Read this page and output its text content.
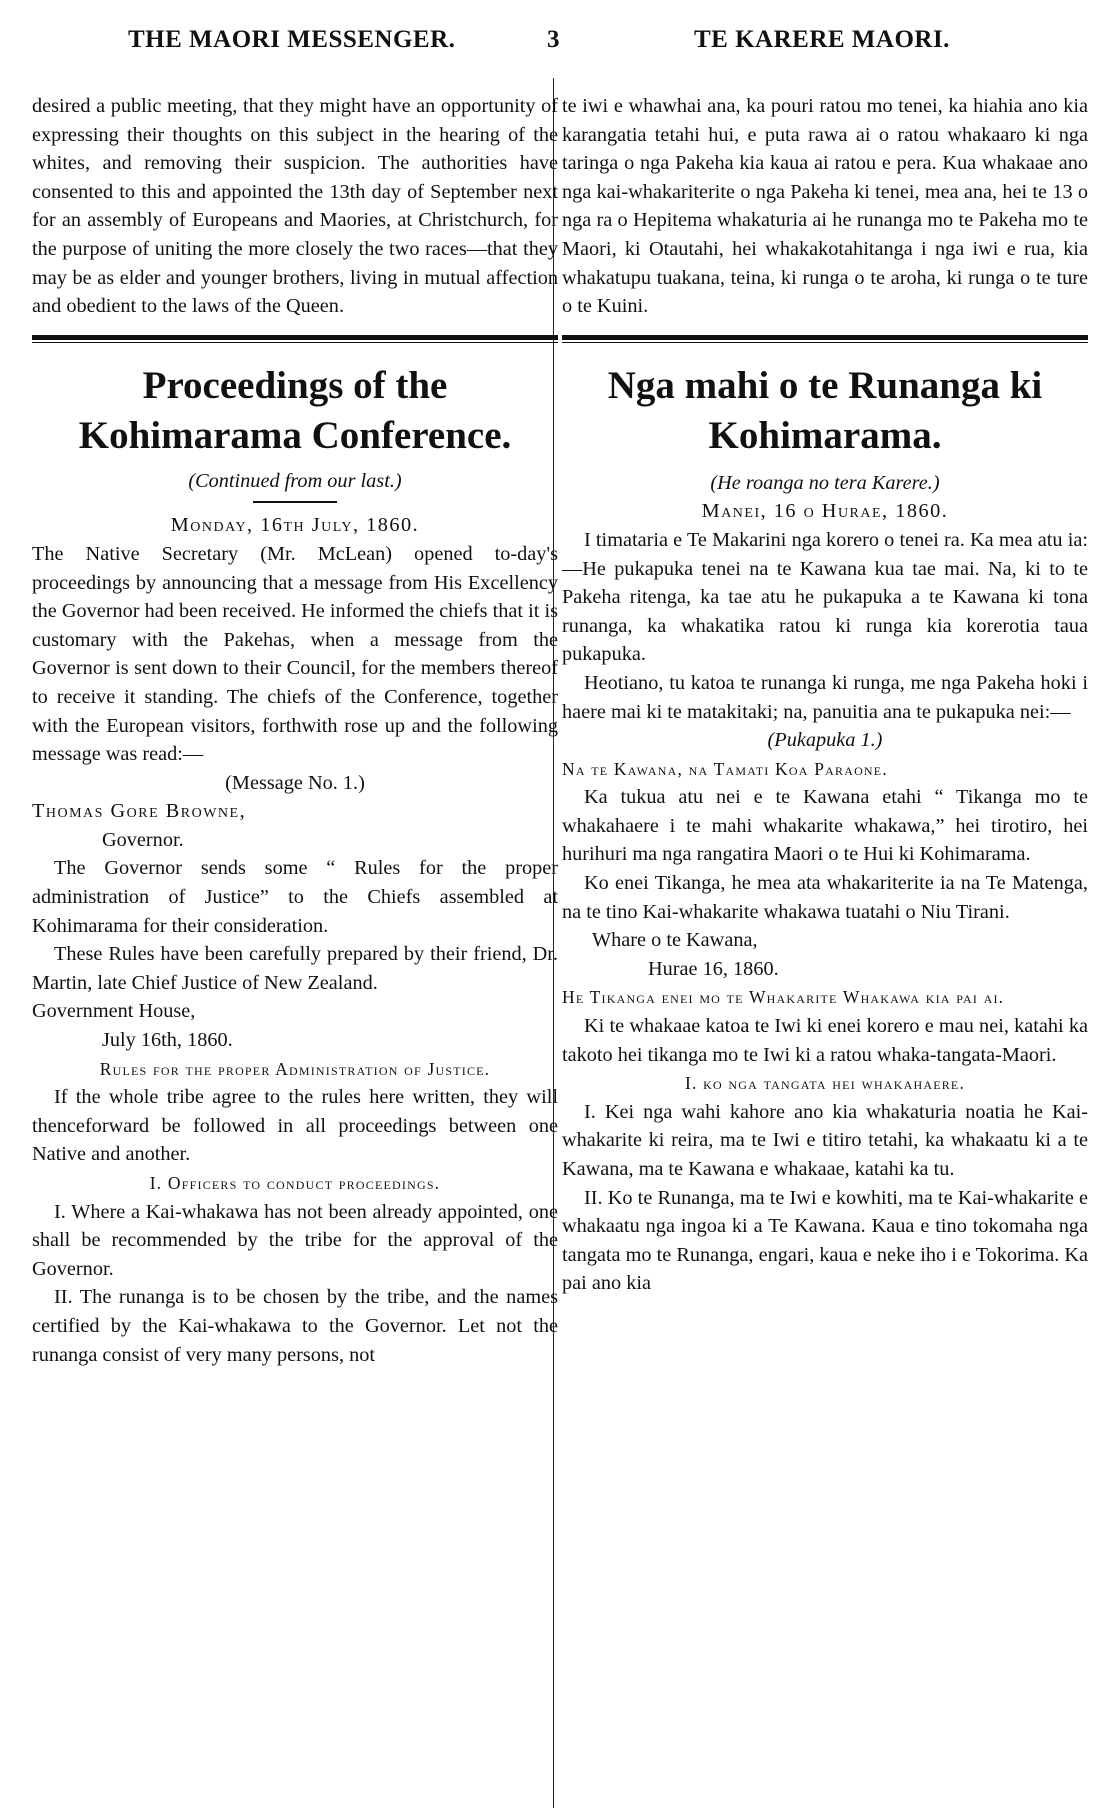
THE MAORI MESSENGER.	3	TE KARERE MAORI.

desired a public meeting, that they might have an opportunity of expressing their thoughts on this subject in the hearing of the whites, and removing their suspicion. The authorities have consented to this and appointed the 13th day of September next for an assembly of Europeans and Maories, at Christchurch, for the purpose of uniting the more closely the two races—that they may be as elder and younger brothers, living in mutual affection and obedient to the laws of the Queen.

Proceedings of the Kohimarama Conference.

(Continued from our last.)

Monday, 16th July, 1860.

The Native Secretary (Mr. McLean) opened to-day's proceedings by announcing that a message from His Excellency the Governor had been received. He informed the chiefs that it is customary with the Pakehas, when a message from the Governor is sent down to their Council, for the members thereof to receive it standing. The chiefs of the Conference, together with the European visitors, forthwith rose up and the following message was read:—

(Message No. 1.)

Thomas Gore Browne,

Governor.

The Governor sends some “ Rules for the proper administration of Justice” to the Chiefs assembled at Kohimarama for their consideration.

These Rules have been carefully prepared by their friend, Dr. Martin, late Chief Justice of New Zealand.

Government House,

July 16th, 1860.

Rules for the proper Administration of Justice.

If the whole tribe agree to the rules here written, they will thenceforward be followed in all proceedings between one Native and another.

I. Officers to conduct proceedings.

I. Where a Kai-whakawa has not been already appointed, one shall be recommended by the tribe for the approval of the Governor.

II. The runanga is to be chosen by the tribe, and the names certified by the Kai-whakawa to the Governor. Let not the runanga consist of very many persons, not

te iwi e whawhai ana, ka pouri ratou mo tenei, ka hiahia ano kia karangatia tetahi hui, e puta rawa ai o ratou whakaaro ki nga taringa o nga Pakeha kia kaua ai ratou e pera. Kua whakaae ano nga kai-whakariterite o nga Pakeha ki tenei, mea ana, hei te 13 o nga ra o Hepitema whakaturia ai he runanga mo te Pakeha mo te Maori, ki Otautahi, hei whakakotahitanga i nga iwi e rua, kia whakatupu tuakana, teina, ki runga o te aroha, ki runga o te ture o te Kuini.

Nga mahi o te Runanga ki Kohimarama.

(He roanga no tera Karere.)

Manei, 16 o Hurae, 1860.

I timataria e Te Makarini nga korero o tenei ra. Ka mea atu ia:—He pukapuka tenei na te Kawana kua tae mai. Na, ki to te Pakeha ritenga, ka tae atu he pukapuka a te Kawana ki tona runanga, ka whakatika ratou ki runga kia korerotia taua pukapuka.

Heotiano, tu katoa te runanga ki runga, me nga Pakeha hoki i haere mai ki te matakitaki; na, panuitia ana te pukapuka nei:—

(Pukapuka 1.)

Na te Kawana, na Tamati Koa Paraone.

Ka tukua atu nei e te Kawana etahi “ Tikanga mo te whakahaere i te mahi whakarite whakawa,” hei tirotiro, hei hurihuri ma nga rangatira Maori o te Hui ki Kohimarama.

Ko enei Tikanga, he mea ata whakariterite ia na Te Matenga, na te tino Kai-whakarite whakawa tuatahi o Niu Tirani.

Whare o te Kawana,

Hurae 16, 1860.

He Tikanga enei mo te Whakarite Whakawa kia pai ai.

Ki te whakaae katoa te Iwi ki enei korero e mau nei, katahi ka takoto hei tikanga mo te Iwi ki a ratou whaka-tangata-Maori.

I. ko nga tangata hei whakahaere.

I. Kei nga wahi kahore ano kia whakaturia noatia he Kai-whakarite ki reira, ma te Iwi e titiro tetahi, ka whakaatu ki a te Kawana, ma te Kawana e whakaae, katahi ka tu.

II. Ko te Runanga, ma te Iwi e kowhiti, ma te Kai-whakarite e whakaatu nga ingoa ki a Te Kawana. Kaua e tino tokomaha nga tangata mo te Runanga, engari, kaua e neke iho i e Tokorima. Ka pai ano kia
